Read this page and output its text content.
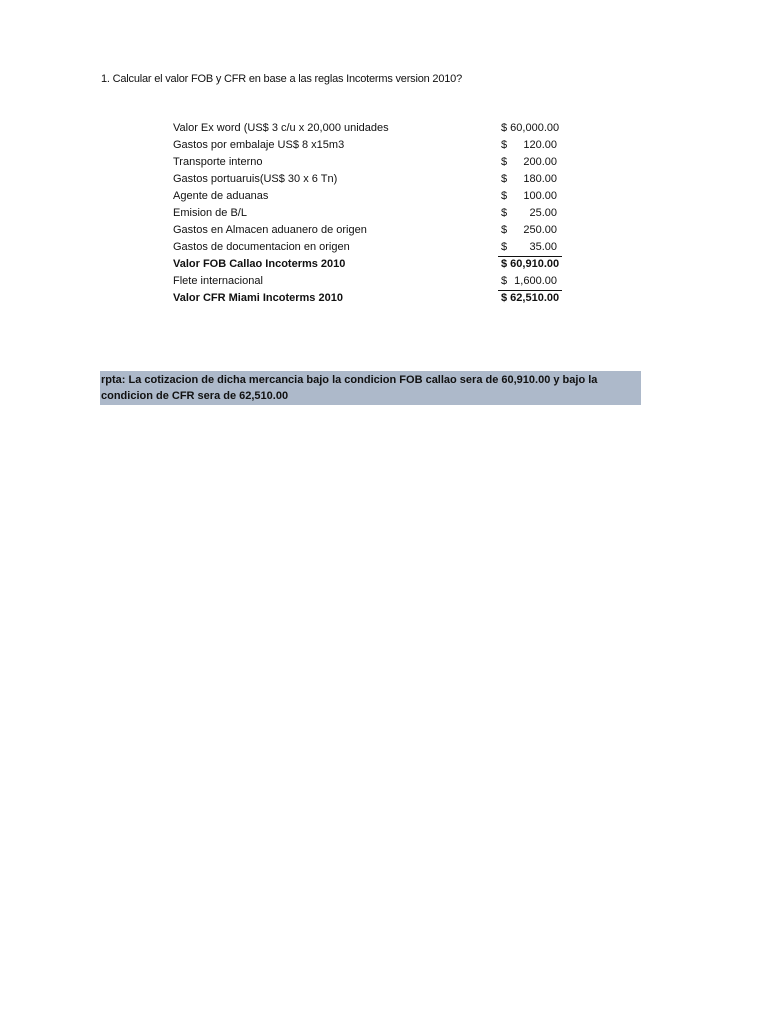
1. Calcular el valor FOB y CFR en base a las reglas Incoterms version 2010?
Valor Ex word (US$ 3 c/u x 20,000 unidades	$ 60,000.00
Gastos por embalaje US$ 8 x15m3	$ 120.00
Transporte interno	$ 200.00
Gastos portuaruis(US$ 30 x 6 Tn)	$ 180.00
Agente de aduanas	$ 100.00
Emision de B/L	$ 25.00
Gastos en Almacen aduanero de origen	$ 250.00
Gastos de documentacion en origen	$ 35.00
Valor FOB Callao Incoterms 2010	$ 60,910.00
Flete internacional	$ 1,600.00
Valor CFR Miami Incoterms 2010	$ 62,510.00
rpta: La cotizacion de dicha mercancia bajo la condicion FOB callao sera de 60,910.00 y bajo la condicion de CFR sera de 62,510.00
